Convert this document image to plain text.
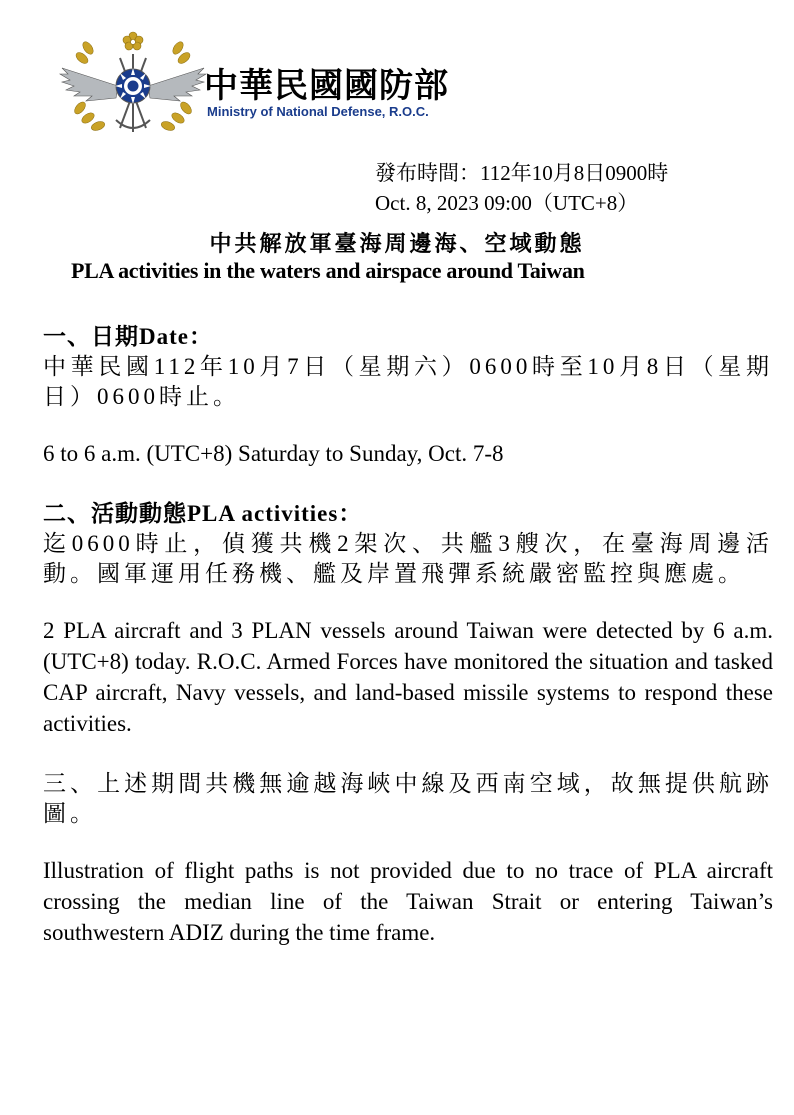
中華民國國防部
Ministry of National Defense, R.O.C.
發布時間：112年10月8日0900時
Oct. 8, 2023 09:00（UTC+8）
中共解放軍臺海周邊海、空域動態
PLA activities in the waters and airspace around Taiwan
一、日期Date：
中華民國112年10月7日（星期六）0600時至10月8日（星期日）0600時止。
6 to 6 a.m. (UTC+8) Saturday to Sunday, Oct. 7-8
二、活動動態PLA activities：
迄0600時止，偵獲共機2架次、共艦3艘次，在臺海周邊活動。國軍運用任務機、艦及岸置飛彈系統嚴密監控與應處。
2 PLA aircraft and 3 PLAN vessels around Taiwan were detected by 6 a.m.(UTC+8) today. R.O.C. Armed Forces have monitored the situation and tasked CAP aircraft, Navy vessels, and land-based missile systems to respond these activities.
三、上述期間共機無逾越海峽中線及西南空域，故無提供航跡圖。
Illustration of flight paths is not provided due to no trace of PLA aircraft crossing the median line of the Taiwan Strait or entering Taiwan’s southwestern ADIZ during the time frame.
